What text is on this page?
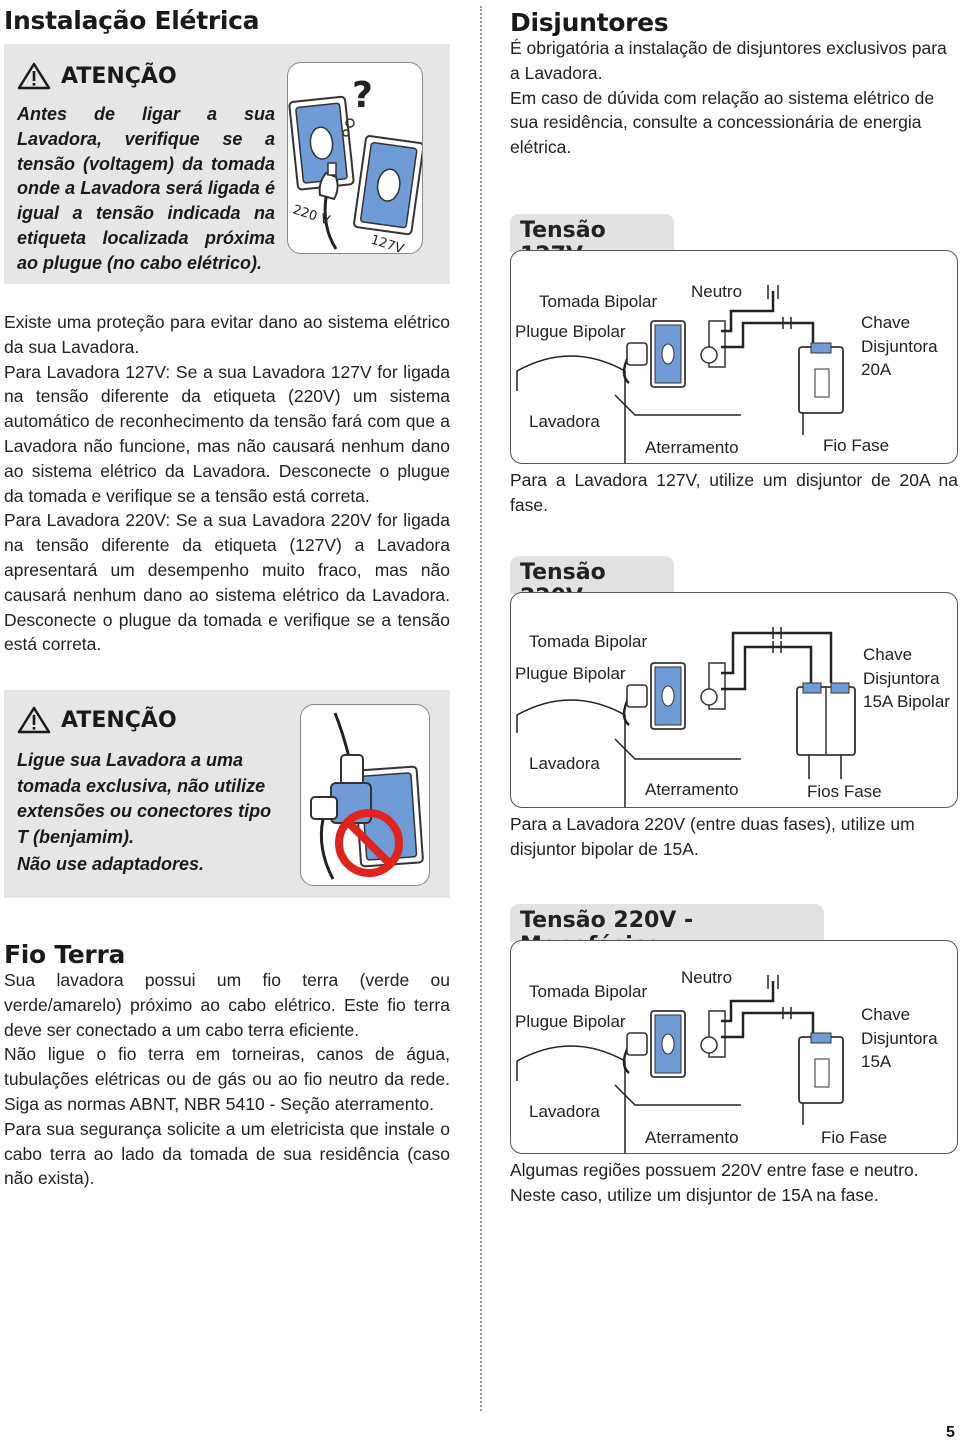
Instalação Elétrica
ATENÇÃO
Antes de ligar a sua Lavadora, verifique se a tensão (voltagem) da tomada onde a Lavadora será ligada é igual a tensão indicada na etiqueta localizada próxima ao plugue (no cabo elétrico).
?
220 V
127V
Existe uma proteção para evitar dano ao sistema elétrico da sua Lavadora.
Para Lavadora 127V: Se a sua Lavadora 127V for ligada na tensão diferente da etiqueta (220V) um sistema automático de reconhecimento da tensão fará com que a Lavadora não funcione, mas não causará nenhum dano ao sistema elétrico da Lavadora. Desconecte o plugue da tomada e verifique se a tensão está correta.
Para Lavadora 220V: Se a sua Lavadora 220V for ligada na tensão diferente da etiqueta (127V) a Lavadora apresentará um desempenho muito fraco, mas não causará nenhum dano ao sistema elétrico da Lavadora. Desconecte o plugue da tomada e verifique se a tensão está correta.
ATENÇÃO
Ligue sua Lavadora a uma tomada exclusiva, não utilize extensões ou conectores tipo T (benjamim).
Não use adaptadores.
Fio Terra
Sua lavadora possui um fio terra (verde ou verde/amarelo) próximo ao cabo elétrico. Este fio terra deve ser conectado a um cabo terra eficiente.
Não ligue o fio terra em torneiras, canos de água, tubulações elétricas ou de gás ou ao fio neutro da rede. Siga as normas ABNT, NBR 5410 - Seção aterramento.
Para sua segurança solicite a um eletricista que instale o cabo terra ao lado da tomada de sua residência (caso não exista).
Disjuntores
É obrigatória a instalação de disjuntores exclusivos para a Lavadora.
Em caso de dúvida com relação ao sistema elétrico de sua residência, consulte a concessionária de energia elétrica.
Tensão
Tomada Bipolar
Plugue Bipolar
Neutro
Chave Disjuntora 20A
Lavadora
Aterramento	Fio Fase
Para a Lavadora 127V, utilize um disjuntor de 20A na fase.
Tensão
Tomada Bipolar
Plugue Bipolar
Chave Disjuntora 15A Bipolar
Lavadora
Aterramento	Fios Fase
Para a Lavadora 220V (entre duas fases), utilize um disjuntor bipolar de 15A.
Tensão 220V -
Tomada Bipolar
Plugue Bipolar
Neutro
Chave Disjuntora 15A
Lavadora
Aterramento	Fio Fase
Algumas regiões possuem 220V entre fase e neutro. Neste caso, utilize um disjuntor de 15A na fase.
5
